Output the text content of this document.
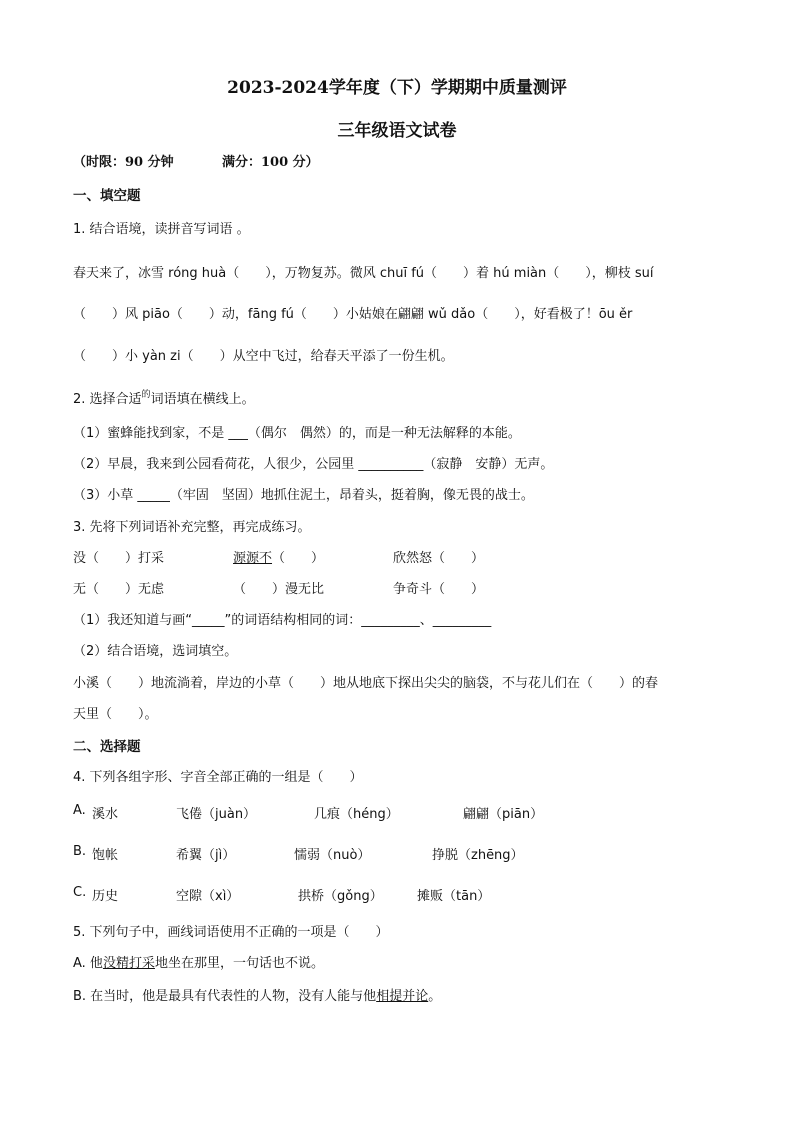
2023-2024学年度（下）学期期中质量测评
三年级语文试卷
（时限：90 分钟	满分：100 分）
一、填空题
1. 结合语境，读拼音写词语 。
春天来了，冰雪 róng huà（　　），万物复苏。微风 chuī fú（　　）着 hú miàn（　　），柳枝 suí
（　　）风 piāo（　　）动，fāng fú（　　）小姑娘在翩翩 wǔ dǎo（　　），好看极了！ōu ěr
（　　）小 yàn zi（　　）从空中飞过，给春天平添了一份生机。
2. 选择合适$^的$词语填在横线上。
（1）蜜蜂能找到家，不是 ___（偶尔　偶然）的，而是一种无法解释的本能。
（2）早晨，我来到公园看荷花，人很少，公园里 __________（寂静　安静）无声。
（3）小草 _____（牢固　坚固）地抓住泥土，昂着头，挺着胸，像无畏的战士。
3. 先将下列词语补充完整，再完成练习。
没（　　）打采	源源不（　　）	欣然怒（　　）
无（　　）无虑	（　　）漫无比	争奇斗（　　）
（1）我还知道与画“_____”的词语结构相同的词：_________、_________
（2）结合语境，选词填空。
小溪（　　）地流淌着，岸边的小草（　　）地从地底下探出尖尖的脑袋，不与花儿们在（　　）的春
天里（　　）。
二、选择题
4. 下列各组字形、字音全部正确的一组是（　　）
A. 溪水	飞倦（juàn）	几痕（héng）	翩翩（piān）
B. 饱帐	希翼（jì）	懦弱（nuò）	挣脱（zhēng）
C. 历史	空隙（xì）	拱桥（gǒng）	摊贩（tān）
5. 下列句子中，画线词语使用不正确的一项是（　　）
A. 他没精打采地坐在那里，一句话也不说。
B. 在当时，他是最具有代表性的人物，没有人能与他相提并论。
